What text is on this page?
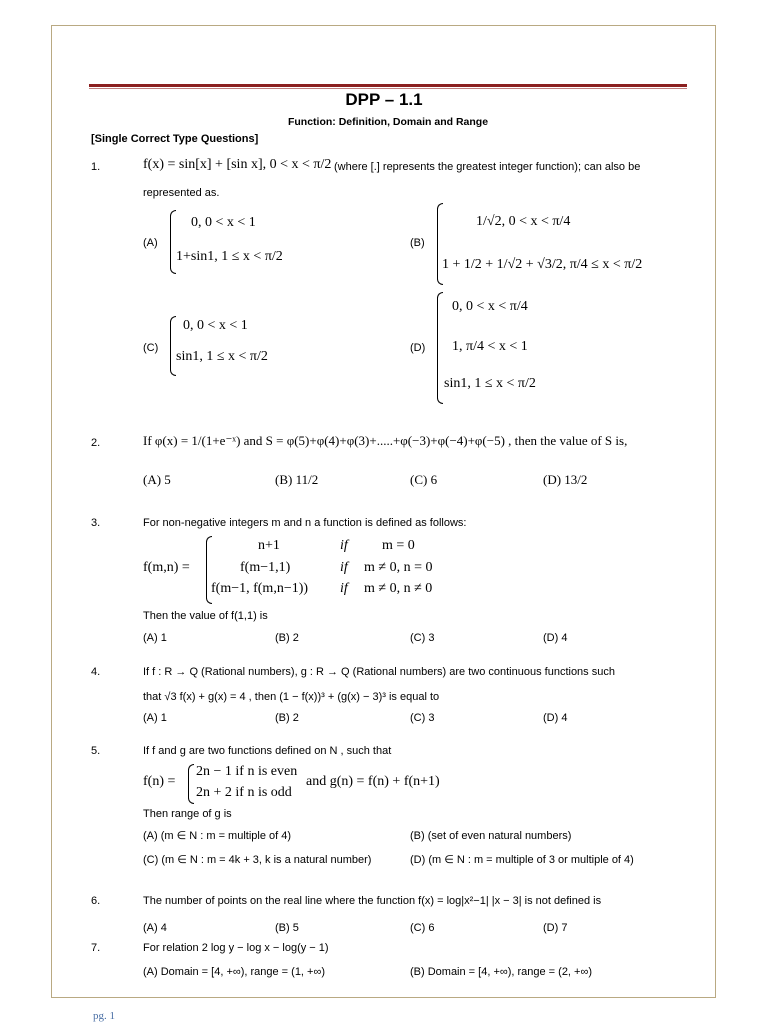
DPP – 1.1
Function: Definition, Domain and Range
[Single Correct Type Questions]
1.	f(x) = sin[x] + [sin x], 0 < x < π/2 (where [.] represents the greatest integer function); can also be
represented as.
(A)
0, 0 < x < 1
1+sin1, 1 ≤ x < π/2
(B)
1/√2, 0 < x < π/4
1 + 1/2 + 1/√2 + √3/2, π/4 ≤ x < π/2
(C)
0, 0 < x < 1
sin1, 1 ≤ x < π/2
(D)
0, 0 < x < π/4
1, π/4 < x < 1
sin1, 1 ≤ x < π/2
2.	If φ(x) = 1/(1+e⁻ˣ) and S = φ(5)+φ(4)+φ(3)+.....+φ(−3)+φ(−4)+φ(−5) , then the value of S is,
(A) 5	(B) 11/2	(C) 6	(D) 13/2
3.	For non-negative integers m and n a function is defined as follows:
f(m,n) =
n+1	if m = 0
f(m−1,1)	if m ≠ 0, n = 0
f(m−1, f(m,n−1)) if m ≠ 0, n ≠ 0
Then the value of f(1,1) is
(A) 1	(B) 2	(C) 3	(D) 4
4.	If f : R → Q (Rational numbers), g : R → Q (Rational numbers) are two continuous functions such
that √3 f(x) + g(x) = 4 , then (1 − f(x))³ + (g(x) − 3)³ is equal to
(A) 1	(B) 2	(C) 3	(D) 4
5.	If f and g are two functions defined on N , such that
f(n) =
2n − 1 if n is even
2n + 2 if n is odd
and g(n) = f(n) + f(n+1)
Then range of g is
(A) (m ∈ N : m = multiple of 4)	(B) (set of even natural numbers)
(C) (m ∈ N : m = 4k + 3, k is a natural number)	(D) (m ∈ N : m = multiple of 3 or multiple of 4)
6.	The number of points on the real line where the function f(x) = log|x²−1| |x − 3| is not defined is
(A) 4	(B) 5	(C) 6	(D) 7
7.	For relation 2 log y − log x − log(y − 1)
(A) Domain = [4, +∞), range = (1, +∞)	(B) Domain = [4, +∞), range = (2, +∞)
pg. 1
